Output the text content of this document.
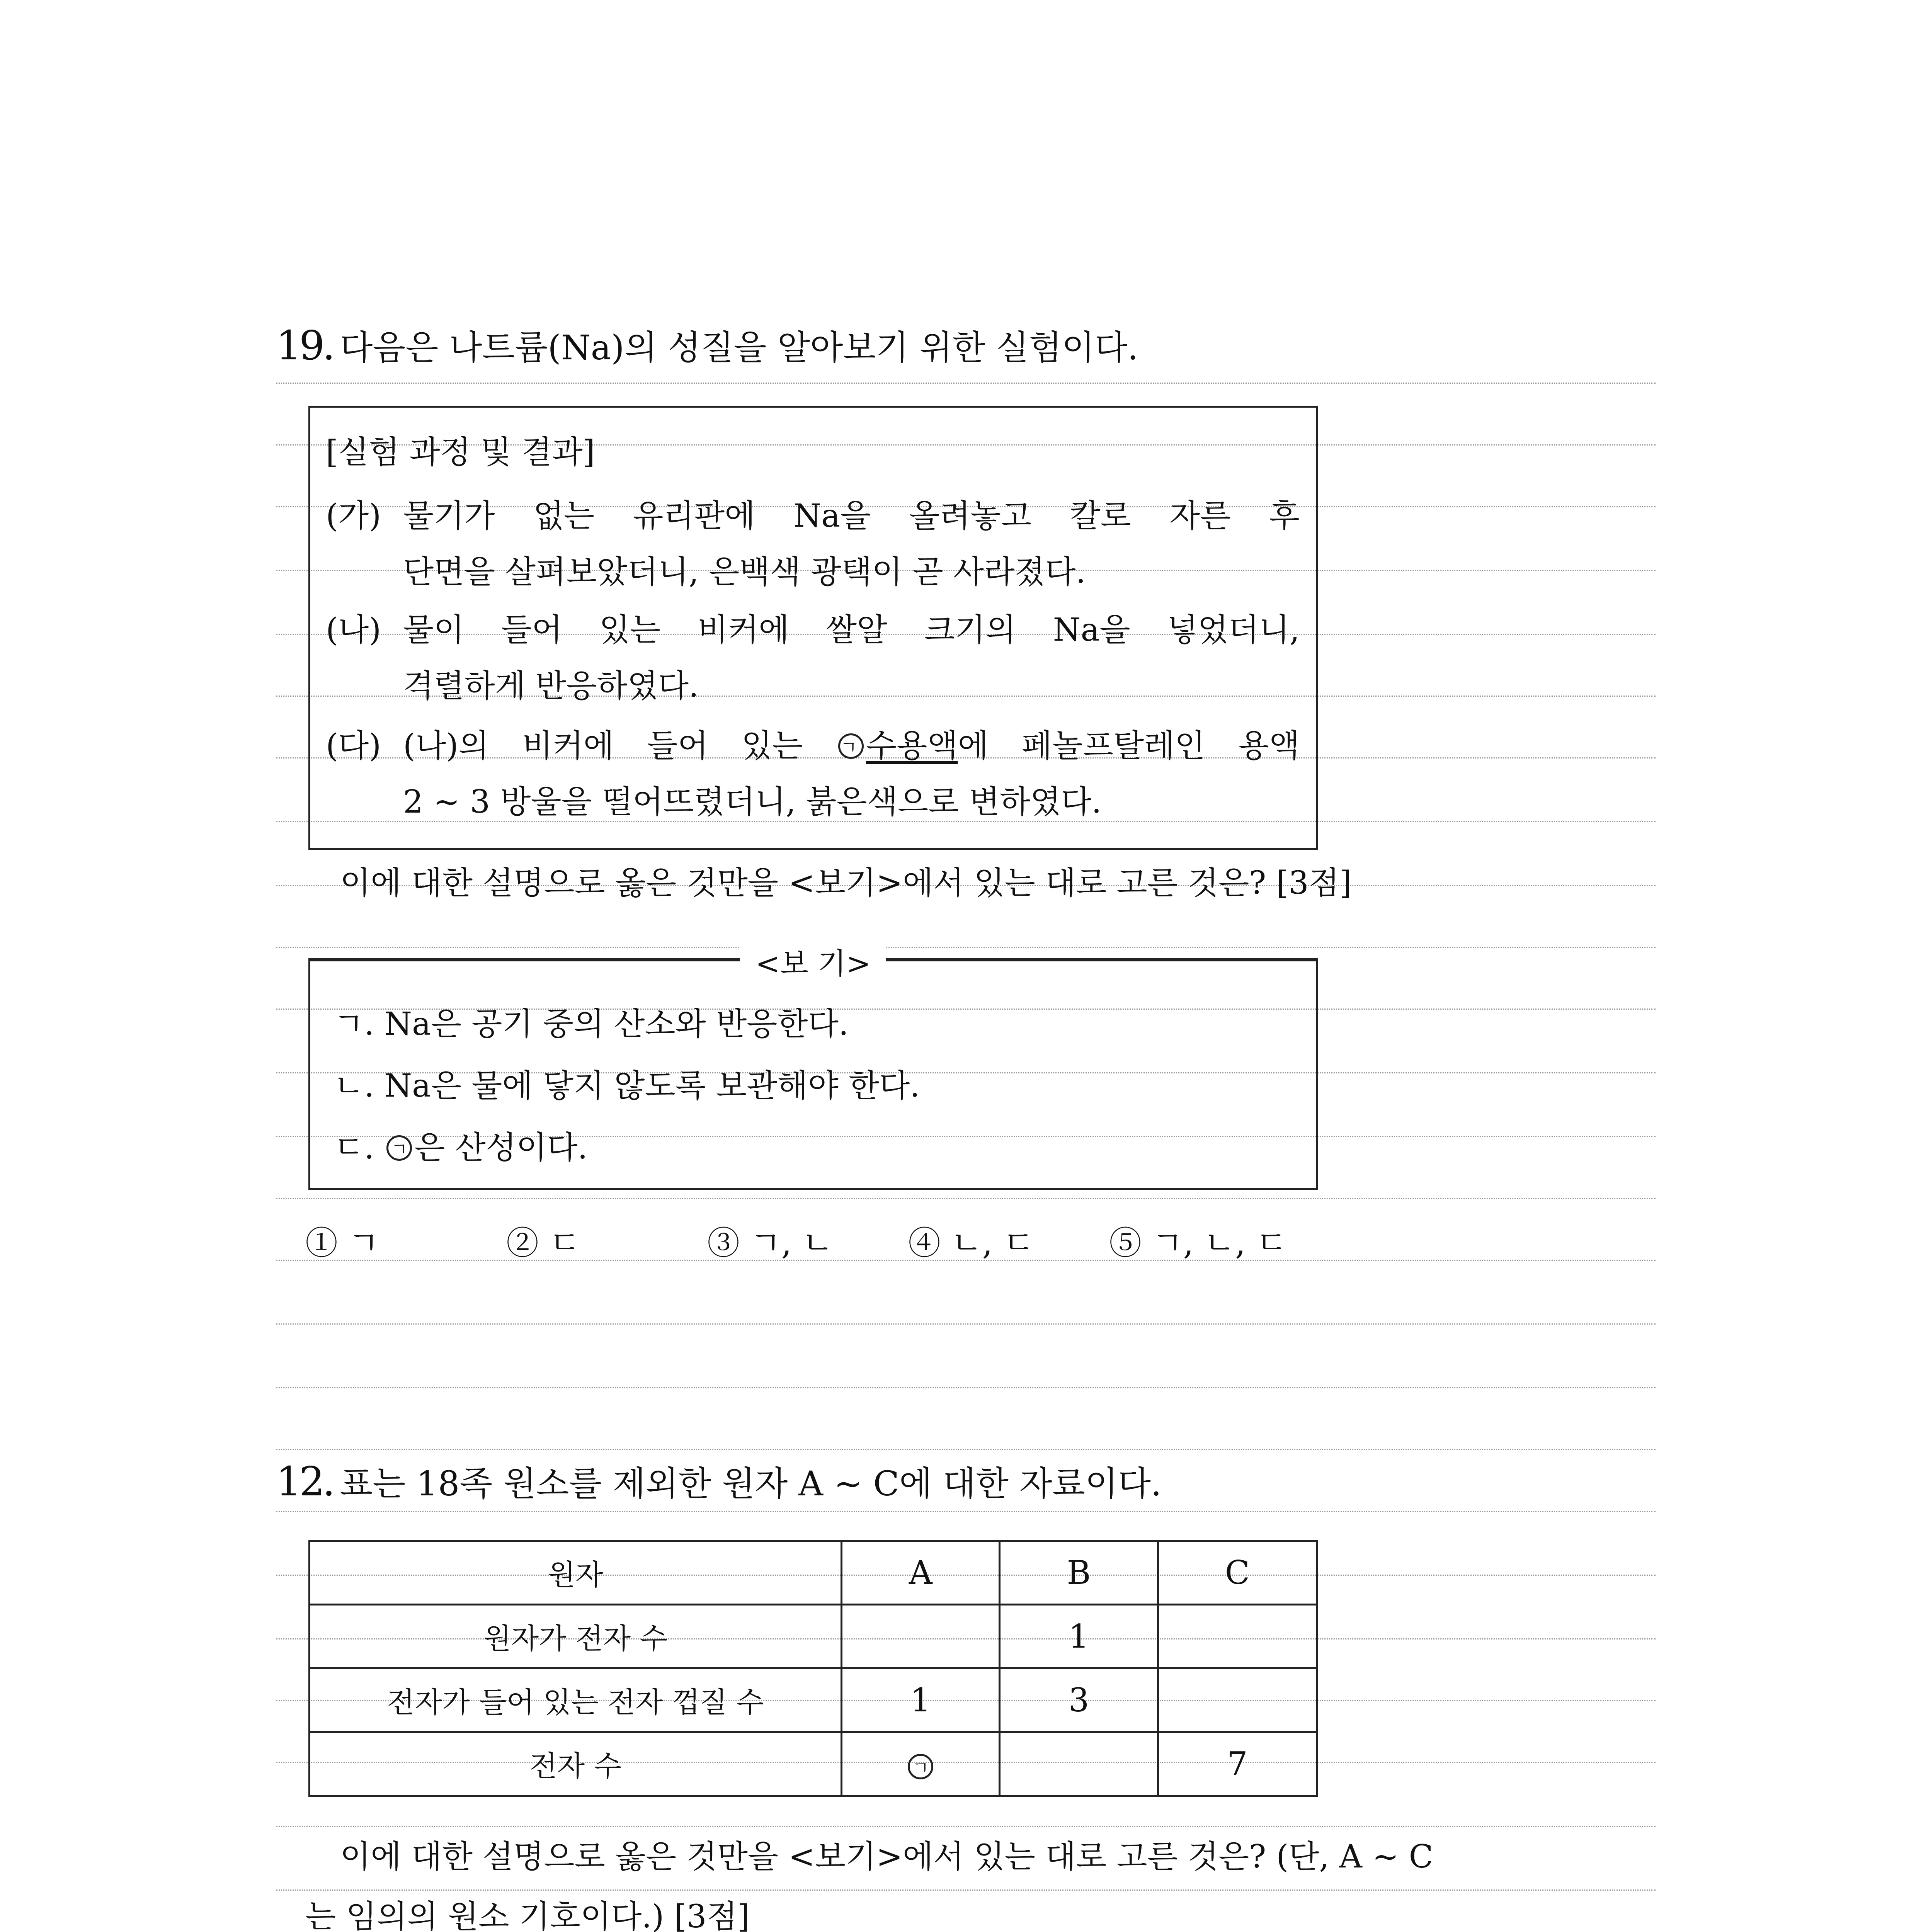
19. 다음은 나트륨(Na)의 성질을 알아보기 위한 실험이다.
[실험 과정 및 결과]
(가) 물기가 없는 유리판에 Na을 올려놓고 칼로 자른 후
단면을 살펴보았더니, 은백색 광택이 곧 사라졌다.
(나) 물이 들어 있는 비커에 쌀알 크기의 Na을 넣었더니,
격렬하게 반응하였다.
(다) (나)의 비커에 들어 있는 ㄱ 수용액에 페놀프탈레인 용액
2 ~ 3 방울을 떨어뜨렸더니, 붉은색으로 변하였다.
이에 대한 설명으로 옳은 것만을 <보기>에서 있는 대로 고른 것은? [3점]
<보 기>
ㄱ. Na은 공기 중의 산소와 반응한다.
ㄴ. Na은 물에 닿지 않도록 보관해야 한다.
ㄷ. ㄱ 은 산성이다.
① ㄱ	② ㄷ	③ ㄱ, ㄴ ④ ㄴ, ㄷ ⑤ ㄱ, ㄴ, ㄷ
12. 표는 18족 원소를 제외한 원자 A ~ C에 대한 자료이다.
원자	A	B	C
원자가 전자 수		1	
전자가 들어 있는 전자 껍질 수	1	3	
전자 수	ㄱ		7
이에 대한 설명으로 옳은 것만을 <보기>에서 있는 대로 고른 것은? (단, A ~ C
는 임의의 원소 기호이다.) [3점]
